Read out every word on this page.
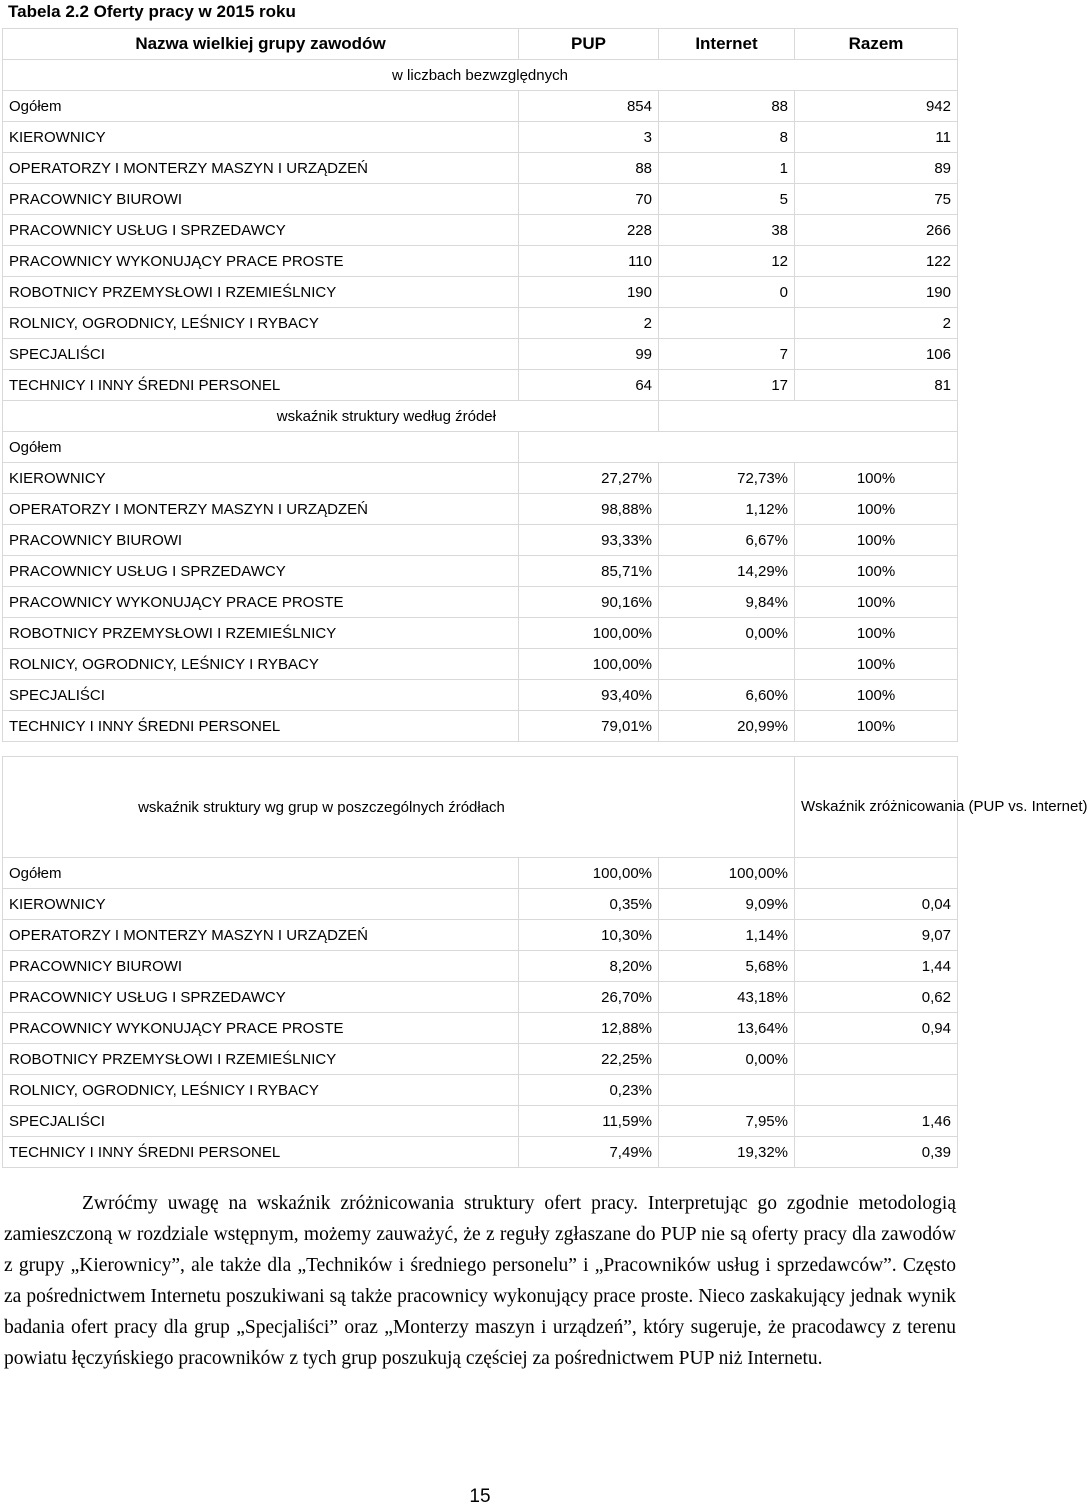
Tabela 2.2 Oferty pracy w 2015 roku
Nazwa wielkiej grupy zawodów	PUP	Internet	Razem
w liczbach bezwzględnych			
Ogółem	854	88	942
KIEROWNICY	3	8	11
OPERATORZY I MONTERZY MASZYN I URZĄDZEŃ	88	1	89
PRACOWNICY BIUROWI	70	5	75
PRACOWNICY USŁUG I SPRZEDAWCY	228	38	266
PRACOWNICY WYKONUJĄCY PRACE PROSTE	110	12	122
ROBOTNICY PRZEMYSŁOWI I RZEMIEŚLNICY	190	0	190
ROLNICY, OGRODNICY, LEŚNICY I RYBACY	2		2
SPECJALIŚCI	99	7	106
TECHNICY I INNY ŚREDNI PERSONEL	64	17	81
wskaźnik struktury według źródeł			
Ogółem			
KIEROWNICY	27,27%	72,73%	100%
OPERATORZY I MONTERZY MASZYN I URZĄDZEŃ	98,88%	1,12%	100%
PRACOWNICY BIUROWI	93,33%	6,67%	100%
PRACOWNICY USŁUG I SPRZEDAWCY	85,71%	14,29%	100%
PRACOWNICY WYKONUJĄCY PRACE PROSTE	90,16%	9,84%	100%
ROBOTNICY PRZEMYSŁOWI I RZEMIEŚLNICY	100,00%	0,00%	100%
ROLNICY, OGRODNICY, LEŚNICY I RYBACY	100,00%		100%
SPECJALIŚCI	93,40%	6,60%	100%
TECHNICY I INNY ŚREDNI PERSONEL	79,01%	20,99%	100%

wskaźnik struktury wg grup w poszczególnych źródłach			Wskaźnik zróżnicowania (PUP vs. Internet)
Ogółem	100,00%	100,00%	
KIEROWNICY	0,35%	9,09%	0,04
OPERATORZY I MONTERZY MASZYN I URZĄDZEŃ	10,30%	1,14%	9,07
PRACOWNICY BIUROWI	8,20%	5,68%	1,44
PRACOWNICY USŁUG I SPRZEDAWCY	26,70%	43,18%	0,62
PRACOWNICY WYKONUJĄCY PRACE PROSTE	12,88%	13,64%	0,94
ROBOTNICY PRZEMYSŁOWI I RZEMIEŚLNICY	22,25%	0,00%	
ROLNICY, OGRODNICY, LEŚNICY I RYBACY	0,23%		
SPECJALIŚCI	11,59%	7,95%	1,46
TECHNICY I INNY ŚREDNI PERSONEL	7,49%	19,32%	0,39

Zwróćmy uwagę na wskaźnik zróżnicowania struktury ofert pracy. Interpretując go zgodnie metodologią zamieszczoną w rozdziale wstępnym, możemy zauważyć, że z reguły zgłaszane do PUP nie są oferty pracy dla zawodów z grupy „Kierownicy”, ale także dla „Techników i średniego personelu” i „Pracowników usług i sprzedawców”. Często za pośrednictwem Internetu poszukiwani są także pracownicy wykonujący prace proste. Nieco zaskakujący jednak wynik badania ofert pracy dla grup „Specjaliści” oraz „Monterzy maszyn i urządzeń”, który sugeruje, że pracodawcy z terenu powiatu łęczyńskiego pracowników z tych grup poszukują częściej za pośrednictwem PUP niż Internetu.

15
